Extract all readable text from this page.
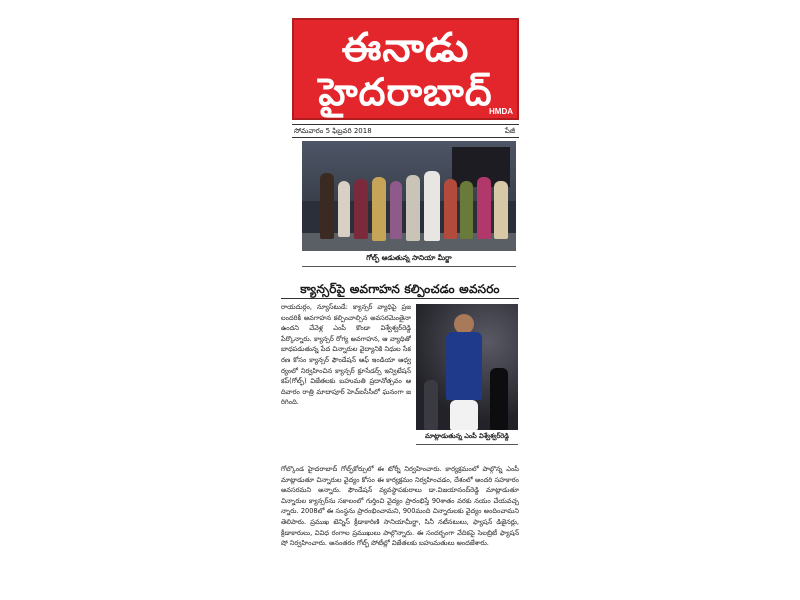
ఈనాడు
హైదరాబాద్
HMDA
సోమవారం 5 ఫిబ్రవరి 2018	పేజీ
గోల్ఫ్ ఆడుతున్న సానియా మీర్జా
క్యాన్సర్‌పై అవగాహన కల్పించడం అవసరం

రాయదుర్గం, న్యూస్‌టుడే: క్యాన్సర్ వ్యాధిపై ప్రజలందరికీ అవగాహన కల్పించాల్సిన అవసరమెంతైనా ఉందని చేవెళ్ల ఎంపీ కొండా విశ్వేశ్వర్‌రెడ్డి పేర్కొన్నారు. క్యాన్సర్ రోగ్య అవగాహన, ఆ వ్యాధితో బాధపడుతున్న పేద చిన్నారుల వైద్యానికి నిధుల సేకరణ కోసం క్యాన్సర్ ఫౌండేషన్ ఆఫ్ ఇండియా ఆధ్వర్యంలో నిర్వహించిన క్యాన్సర్ క్రూసేడర్స్ ఇన్విటేషన్ కప్(గోల్ఫ్) విజేతలకు బహుమతి ప్రదానోత్సవం ఆదివారం రాత్రి మాదాపూర్ హెచ్ఐసీసీలో ఘనంగా జరిగింది.

మాట్లాడుతున్న ఎంపీ విశ్వేశ్వర్‌రెడ్డి

గోల్కొండ హైదరాబాద్ గోల్ఫ్‌కోర్సులో ఈ టోర్నీ నిర్వహించారు. కార్యక్రమంలో పాల్గొన్న ఎంపీ మాట్లాడుతూ చిన్నారుల వైద్యం కోసం ఈ కార్యక్రమం నిర్వహించడం, దేశంలో అందరి సహకారం అవసరమని అన్నారు. ఫౌండేషన్ వ్యవస్థాపకురాలు డా.విజయానంద్‌రెడ్డి మాట్లాడుతూ చిన్నారుల క్యాన్సర్‌ను సకాలంలో గుర్తించి వైద్యం ప్రారంభిస్తే 90శాతం వరకు నయం చేయవచ్చన్నారు. 2008లో ఈ సంస్థను ప్రారంభించామని, 900మంది చిన్నారులకు వైద్యం అందించామని తెలిపారు. ప్రముఖ టెన్నిస్ క్రీడాకారిణి సానియామీర్జా, సినీ నటీనటులు, ఫ్యాషన్ డిజైనర్లు, క్రీడాకారులు, వివిధ రంగాల ప్రముఖులు పాల్గొన్నారు. ఈ సందర్భంగా వేదికపై సెలబ్రిటీ ఫ్యాషన్ షో నిర్వహించారు. అనంతరం గోల్ఫ్ పోటీల్లో విజేతలకు బహుమతులు అందజేశారు.
